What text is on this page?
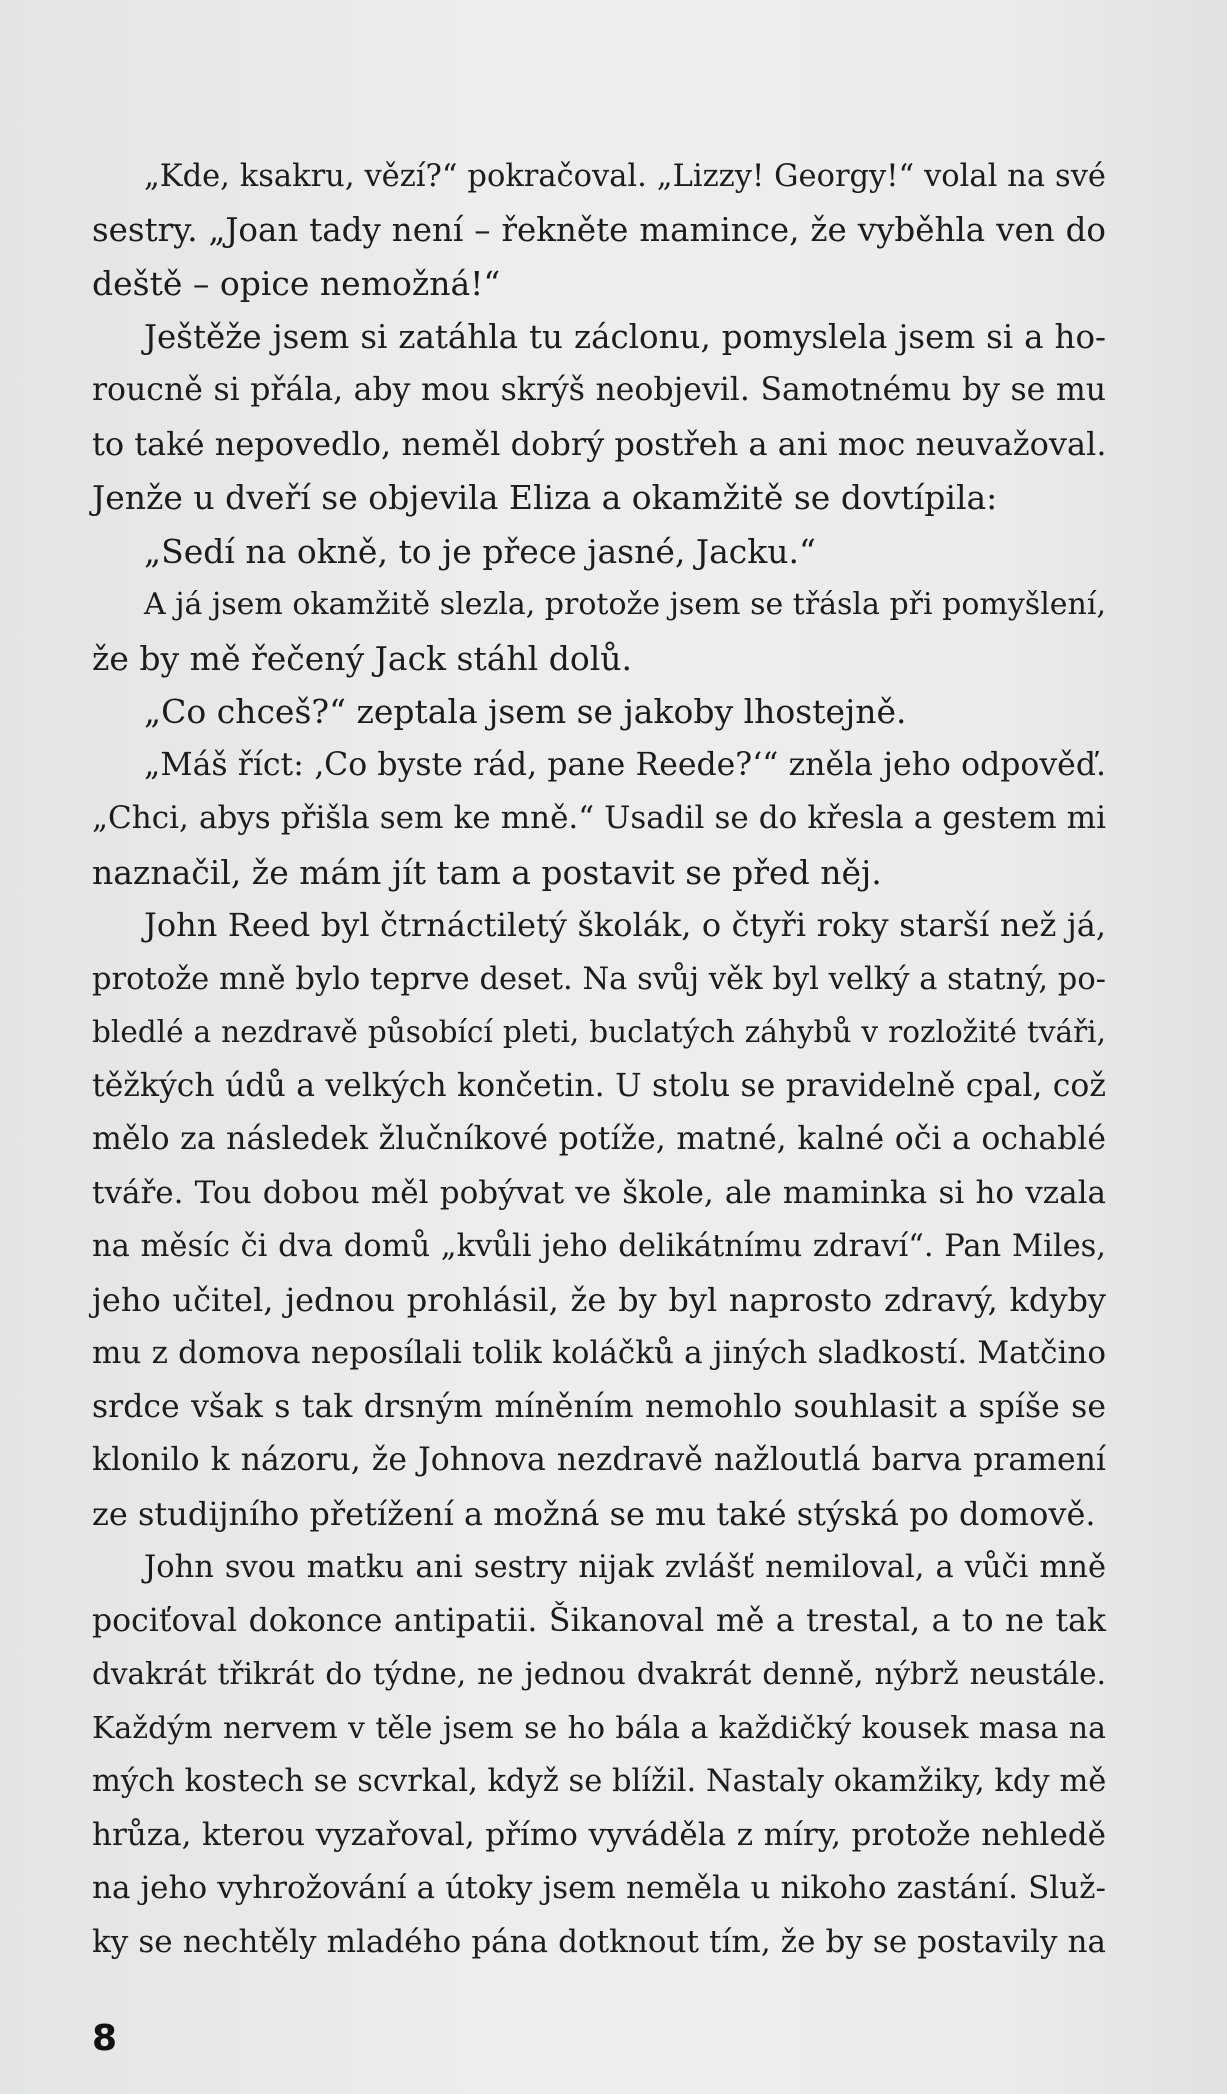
„Kde, ksakru, vězí?“ pokračoval. „Lizzy! Georgy!“ volal na své
sestry. „Joan tady není – řekněte mamince, že vyběhla ven do
deště – opice nemožná!“
Ještěže jsem si zatáhla tu záclonu, pomyslela jsem si a ho-
roucně si přála, aby mou skrýš neobjevil. Samotnému by se mu
to také nepovedlo, neměl dobrý postřeh a ani moc neuvažoval.
Jenže u dveří se objevila Eliza a okamžitě se dovtípila:
„Sedí na okně, to je přece jasné, Jacku.“
A já jsem okamžitě slezla, protože jsem se třásla při pomyšlení,
že by mě řečený Jack stáhl dolů.
„Co chceš?“ zeptala jsem se jakoby lhostejně.
„Máš říct: ‚Co byste rád, pane Reede?‘“ zněla jeho odpověď.
„Chci, abys přišla sem ke mně.“ Usadil se do křesla a gestem mi
naznačil, že mám jít tam a postavit se před něj.
John Reed byl čtrnáctiletý školák, o čtyři roky starší než já,
protože mně bylo teprve deset. Na svůj věk byl velký a statný, po-
bledlé a nezdravě působící pleti, buclatých záhybů v rozložité tváři,
těžkých údů a velkých končetin. U stolu se pravidelně cpal, což
mělo za následek žlučníkové potíže, matné, kalné oči a ochablé
tváře. Tou dobou měl pobývat ve škole, ale maminka si ho vzala
na měsíc či dva domů „kvůli jeho delikátnímu zdraví“. Pan Miles,
jeho učitel, jednou prohlásil, že by byl naprosto zdravý, kdyby
mu z domova neposílali tolik koláčků a jiných sladkostí. Matčino
srdce však s tak drsným míněním nemohlo souhlasit a spíše se
klonilo k názoru, že Johnova nezdravě nažloutlá barva pramení
ze studijního přetížení a možná se mu také stýská po domově.
John svou matku ani sestry nijak zvlášť nemiloval, a vůči mně
pociťoval dokonce antipatii. Šikanoval mě a trestal, a to ne tak
dvakrát třikrát do týdne, ne jednou dvakrát denně, nýbrž neustále.
Každým nervem v těle jsem se ho bála a každičký kousek masa na
mých kostech se scvrkal, když se blížil. Nastaly okamžiky, kdy mě
hrůza, kterou vyzařoval, přímo vyváděla z míry, protože nehledě
na jeho vyhrožování a útoky jsem neměla u nikoho zastání. Služ-
ky se nechtěly mladého pána dotknout tím, že by se postavily na
8
